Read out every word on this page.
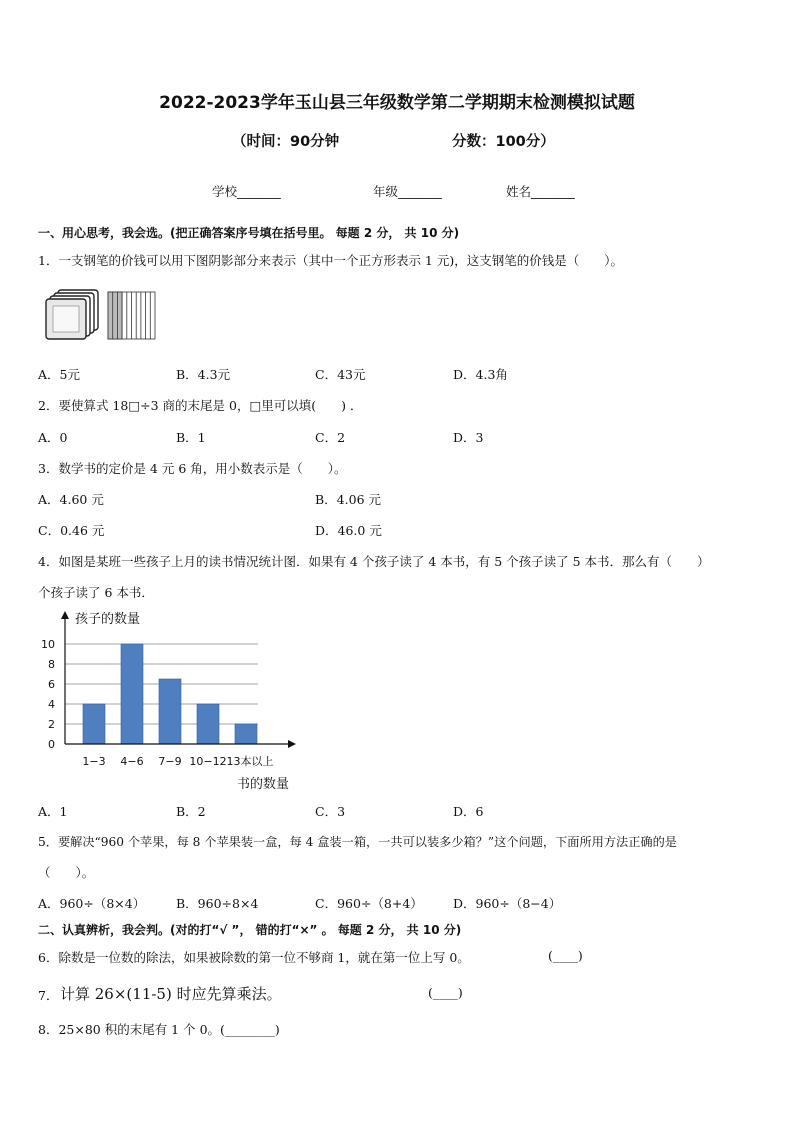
2022-2023学年玉山县三年级数学第二学期期末检测模拟试题
（时间：90分钟	分数：100分）
学校_______	年级_______	姓名_______
一、用心思考，我会选。(把正确答案序号填在括号里。 每题 2 分， 共 10 分)
1．一支钢笔的价钱可以用下图阴影部分来表示（其中一个正方形表示 1 元)，这支钢笔的价钱是（　　）。
A．5元	B．4.3元	C．43元	D．4.3角
2．要使算式 18□÷3 商的末尾是 0，□里可以填(　　) ．
A．0	B．1	C．2	D．3
3．数学书的定价是 4 元 6 角，用小数表示是（　　）。
A．4.60 元	B．4.06 元
C．0.46 元	D．46.0 元
4．如图是某班一些孩子上月的读书情况统计图．如果有 4 个孩子读了 4 本书，有 5 个孩子读了 5 本书．那么有（　　）
个孩子读了 6 本书．
孩子的数量
书的数量
0
2
4
6
8
10
1−3 4−6 7−9 10−12 13本以上
A．1	B．2	C．3	D．6
5．要解决“960 个苹果，每 8 个苹果装一盒，每 4 盒装一箱，一共可以装多少箱？”这个问题，下面所用方法正确的是
（　　）。
A．960÷（8×4） B．960÷8×4	C．960÷（8+4） D．960÷（8−4）
二、认真辨析，我会判。(对的打“√ ”， 错的打“×” 。 每题 2 分， 共 10 分)
6．除数是一位数的除法，如果被除数的第一位不够商 1，就在第一位上写 0。	(____)
7． 计算 26×(11-5) 时应先算乘法。	(____)
8．25×80 积的末尾有 1 个 0。(________)
